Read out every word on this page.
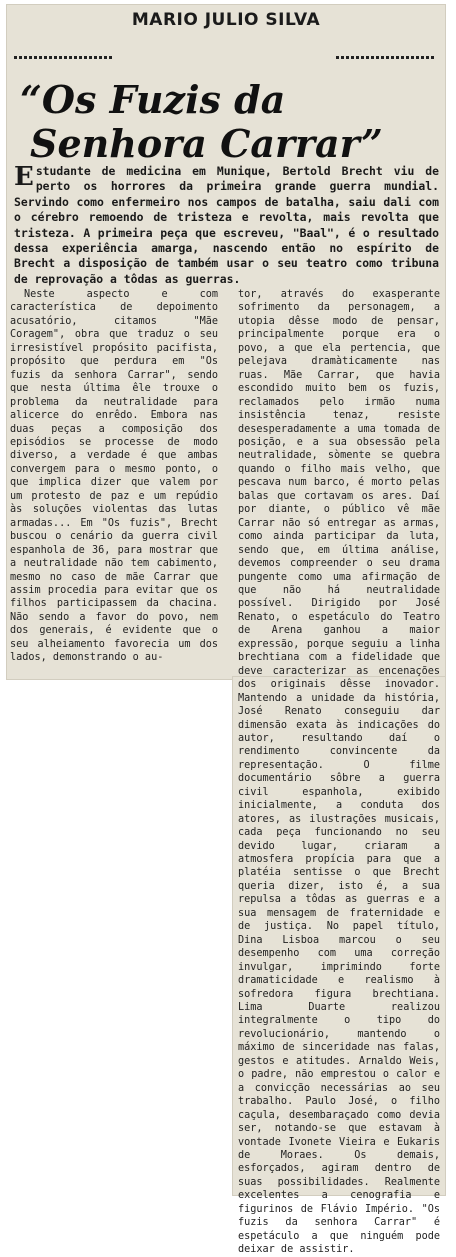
MARIO JULIO SILVA
“Os Fuzis da
Senhora Carrar”
Estudante de medicina em Munique, Bertold Brecht viu de perto os horrores da primeira grande guerra mundial. Servindo como enfermeiro nos campos de batalha, saiu dali com o cérebro remoendo de tristeza e revolta, mais revolta que tristeza. A primeira peça que escreveu, "Baal", é o resultado dessa experiência amarga, nascendo então no espírito de Brecht a disposição de também usar o seu teatro como tribuna de reprovação a tôdas as guerras.

Neste aspecto e com característica de depoimento acusatório, citamos "Mãe Coragem", obra que traduz o seu irresistível propósito pacifista, propósito que perdura em "Os fuzis da senhora Carrar", sendo que nesta última êle trouxe o problema da neutralidade para alicerce do enrêdo. Embora nas duas peças a composição dos episódios se processe de modo diverso, a verdade é que ambas convergem para o mesmo ponto, o que implica dizer que valem por um protesto de paz e um repúdio às soluções violentas das lutas armadas... Em "Os fuzis", Brecht buscou o cenário da guerra civil espanhola de 36, para mostrar que a neutralidade não tem cabimento, mesmo no caso de mãe Carrar que assim procedia para evitar que os filhos participassem da chacina. Não sendo a favor do povo, nem dos generais, é evidente que o seu alheiamento favorecia um dos lados, demonstrando o au-

tor, através do exasperante sofrimento da personagem, a utopia dêsse modo de pensar, principalmente porque era o povo, a que ela pertencia, que pelejava dramàticamente nas ruas. Mãe Carrar, que havia escondido muito bem os fuzis, reclamados pelo irmão numa insistência tenaz, resiste desesperadamente a uma tomada de posição, e a sua obsessão pela neutralidade, sòmente se quebra quando o filho mais velho, que pescava num barco, é morto pelas balas que cortavam os ares. Daí por diante, o público vê mãe Carrar não só entregar as armas, como ainda participar da luta, sendo que, em última análise, devemos compreender o seu drama pungente como uma afirmação de que não há neutralidade possível. Dirigido por José Renato, o espetáculo do Teatro de Arena ganhou a maior expressão, porque seguiu a linha brechtiana com a fidelidade que deve caracterizar as encenações dos originais dêsse inovador. Mantendo a unidade da história, José Renato conseguiu dar dimensão exata às indicações do autor, resultando daí o rendimento convincente da representação. O filme documentário sôbre a guerra civil espanhola, exibido inicialmente, a conduta dos atores, as ilustrações musicais, cada peça funcionando no seu devido lugar, criaram a atmosfera propícia para que a platéia sentisse o que Brecht queria dizer, isto é, a sua repulsa a tôdas as guerras e a sua mensagem de fraternidade e de justiça. No papel título, Dina Lisboa marcou o seu desempenho com uma correção invulgar, imprimindo forte dramaticidade e realismo à sofredora figura brechtiana. Lima Duarte realizou integralmente o tipo do revolucionário, mantendo o máximo de sinceridade nas falas, gestos e atitudes. Arnaldo Weis, o padre, não emprestou o calor e a convicção necessárias ao seu trabalho. Paulo José, o filho caçula, desembaraçado como devia ser, notando-se que estavam à vontade Ivonete Vieira e Eukaris de Moraes. Os demais, esforçados, agiram dentro de suas possibilidades. Realmente excelentes a cenografia e figurinos de Flávio Império. "Os fuzis da senhora Carrar" é espetáculo a que ninguém pode deixar de assistir.
